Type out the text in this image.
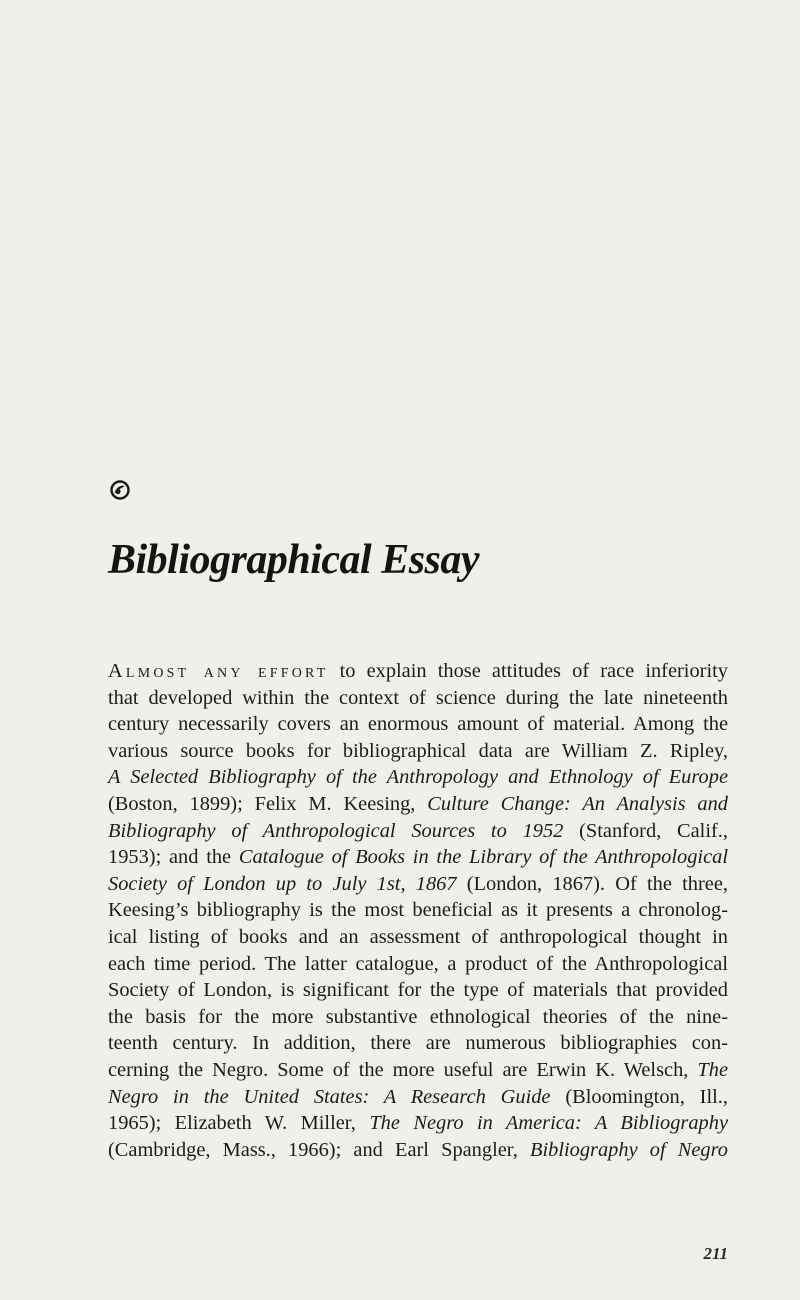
Bibliographical Essay
Almost any effort to explain those attitudes of race inferiority
that developed within the context of science during the late nineteenth
century necessarily covers an enormous amount of material. Among the
various source books for bibliographical data are William Z. Ripley,
A Selected Bibliography of the Anthropology and Ethnology of Europe
(Boston, 1899); Felix M. Keesing, Culture Change: An Analysis and
Bibliography of Anthropological Sources to 1952 (Stanford, Calif.,
1953); and the Catalogue of Books in the Library of the Anthropological
Society of London up to July 1st, 1867 (London, 1867). Of the three,
Keesing’s bibliography is the most beneficial as it presents a chronolog-
ical listing of books and an assessment of anthropological thought in
each time period. The latter catalogue, a product of the Anthropological
Society of London, is significant for the type of materials that provided
the basis for the more substantive ethnological theories of the nine-
teenth century. In addition, there are numerous bibliographies con-
cerning the Negro. Some of the more useful are Erwin K. Welsch, The
Negro in the United States: A Research Guide (Bloomington, Ill.,
1965); Elizabeth W. Miller, The Negro in America: A Bibliography
(Cambridge, Mass., 1966); and Earl Spangler, Bibliography of Negro
211
